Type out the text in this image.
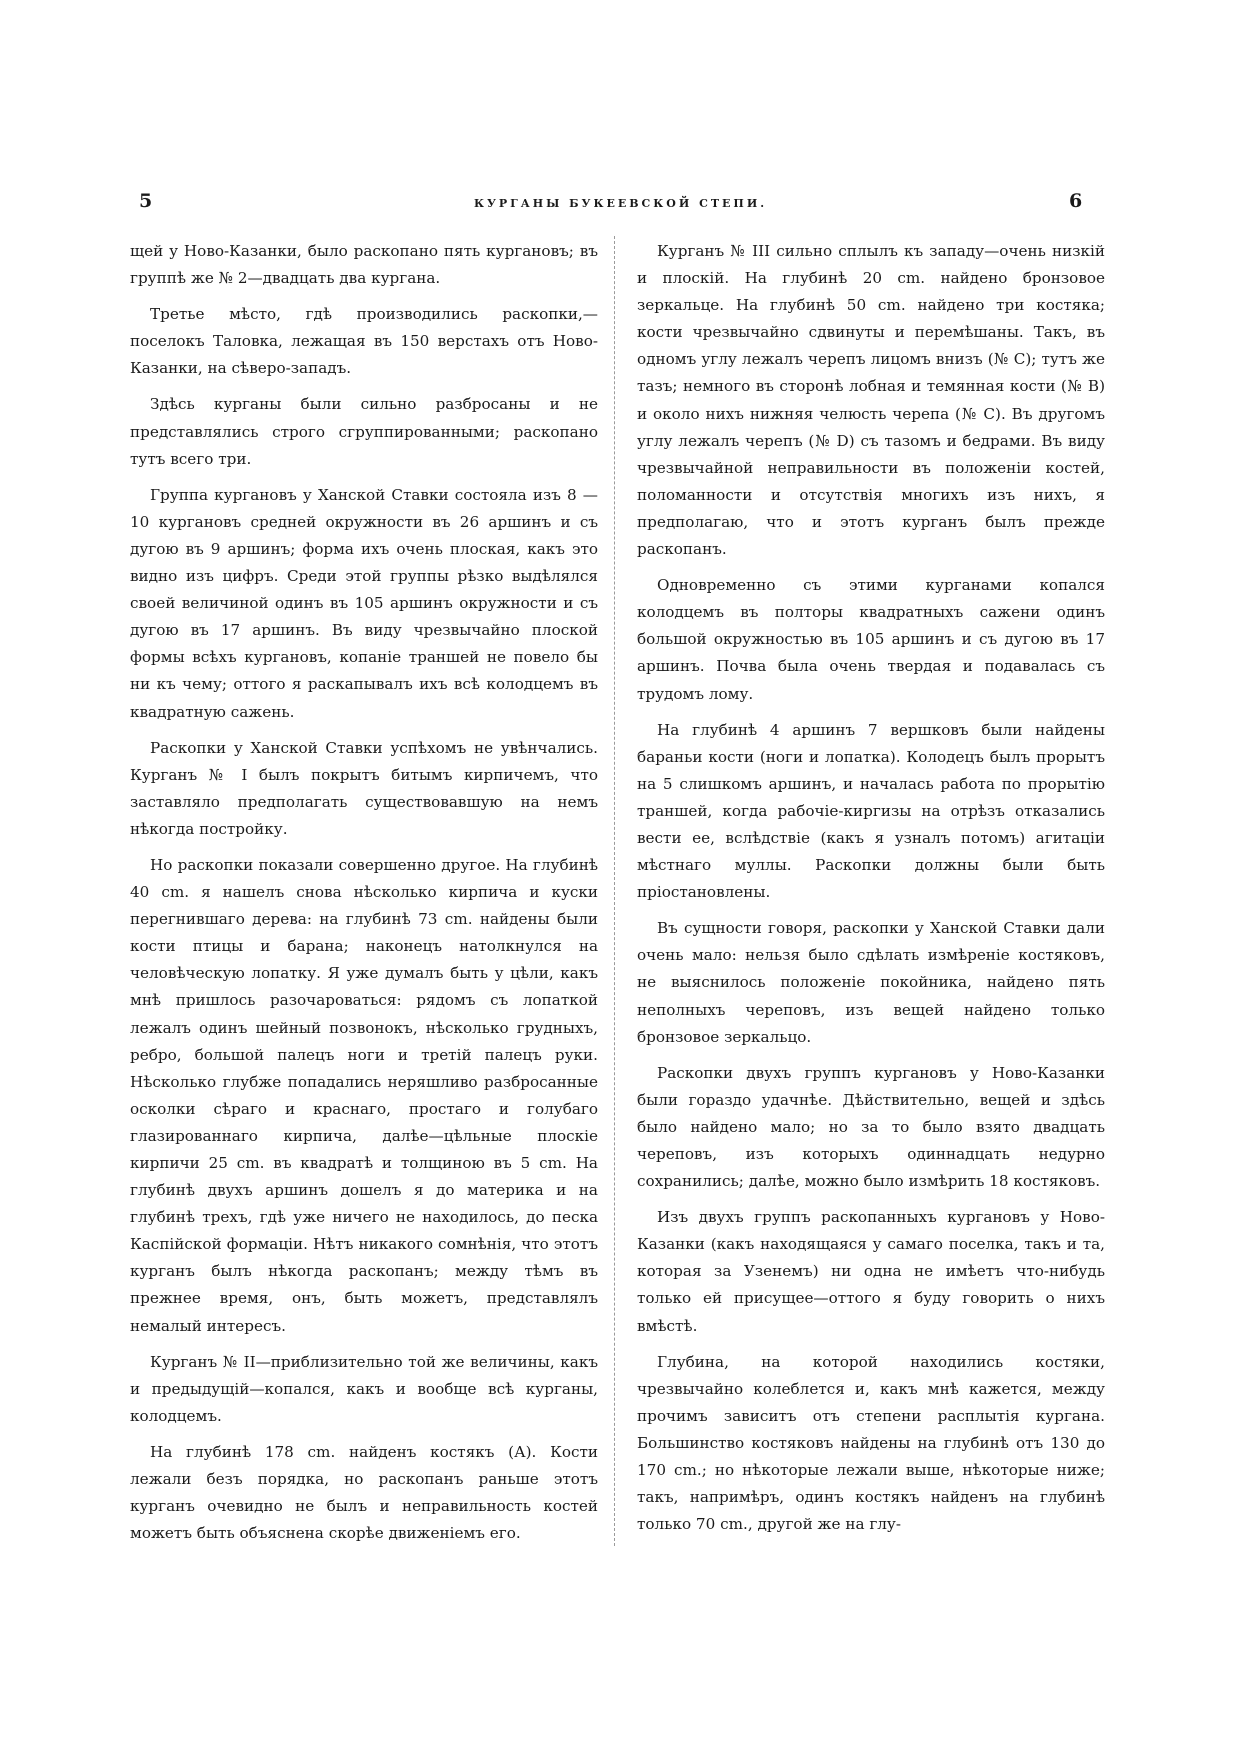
5	КУРГАНЫ БУКЕЕВСКОЙ СТЕПИ.	6

щей у Ново-Казанки, было раскопано пять кургановъ; въ группѣ же № 2—двадцать два кургана.

Третье мѣсто, гдѣ производились раскопки,— поселокъ Таловка, лежащая въ 150 верстахъ отъ Ново-Казанки, на сѣверо-западъ.

Здѣсь курганы были сильно разбросаны и не представлялись строго сгруппированными; раскопано тутъ всего три.

Группа кургановъ у Ханской Ставки состояла изъ 8 — 10 кургановъ средней окружности въ 26 аршинъ и съ дугою въ 9 аршинъ; форма ихъ очень плоская, какъ это видно изъ цифръ. Среди этой группы рѣзко выдѣлялся своей величиной одинъ въ 105 аршинъ окружности и съ дугою въ 17 аршинъ. Въ виду чрезвычайно плоской формы всѣхъ кургановъ, копаніе траншей не повело бы ни къ чему; оттого я раскапывалъ ихъ всѣ колодцемъ въ квадратную сажень.

Раскопки у Ханской Ставки успѣхомъ не увѣнчались. Курганъ № I былъ покрытъ битымъ кирпичемъ, что заставляло предполагать существовавшую на немъ нѣкогда постройку.

Но раскопки показали совершенно другое. На глубинѣ 40 cm. я нашелъ снова нѣсколько кирпича и куски перегнившаго дерева: на глубинѣ 73 cm. найдены были кости птицы и барана; наконецъ натолкнулся на человѣческую лопатку. Я уже думалъ быть у цѣли, какъ мнѣ пришлось разочароваться: рядомъ съ лопаткой лежалъ одинъ шейный позвонокъ, нѣсколько грудныхъ, ребро, большой палецъ ноги и третій палецъ руки. Нѣсколько глубже попадались неряшливо разбросанные осколки сѣраго и краснаго, простаго и голубаго глазированнаго кирпича, далѣе—цѣльные плоскіе кирпичи 25 cm. въ квадратѣ и толщиною въ 5 cm. На глубинѣ двухъ аршинъ дошелъ я до материка и на глубинѣ трехъ, гдѣ уже ничего не находилось, до песка Каспійской формаціи. Нѣтъ никакого сомнѣнія, что этотъ курганъ былъ нѣкогда раскопанъ; между тѣмъ въ прежнее время, онъ, быть можетъ, представлялъ немалый интересъ.

Курганъ № II—приблизительно той же величины, какъ и предыдущій—копался, какъ и вообще всѣ курганы, колодцемъ.

На глубинѣ 178 cm. найденъ костякъ (А). Кости лежали безъ порядка, но раскопанъ раньше этотъ курганъ очевидно не былъ и неправильность костей можетъ быть объяснена скорѣе движеніемъ его.

Курганъ № III сильно сплылъ къ западу—очень низкій и плоскій. На глубинѣ 20 cm. найдено бронзовое зеркальце. На глубинѣ 50 cm. найдено три костяка; кости чрезвычайно сдвинуты и перемѣшаны. Такъ, въ одномъ углу лежалъ черепъ лицомъ внизъ (№ С); тутъ же тазъ; немного въ сторонѣ лобная и темянная кости (№ В) и около нихъ нижняя челюсть черепа (№ С). Въ другомъ углу лежалъ черепъ (№ D) съ тазомъ и бедрами. Въ виду чрезвычайной неправильности въ положеніи костей, поломанности и отсутствія многихъ изъ нихъ, я предполагаю, что и этотъ курганъ былъ прежде раскопанъ.

Одновременно съ этими курганами копался колодцемъ въ полторы квадратныхъ сажени одинъ большой окружностью въ 105 аршинъ и съ дугою въ 17 аршинъ. Почва была очень твердая и подавалась съ трудомъ лому.

На глубинѣ 4 аршинъ 7 вершковъ были найдены бараньи кости (ноги и лопатка). Колодецъ былъ прорытъ на 5 слишкомъ аршинъ, и началась работа по прорытію траншей, когда рабочіе-киргизы на отрѣзъ отказались вести ее, вслѣдствіе (какъ я узналъ потомъ) агитаціи мѣстнаго муллы. Раскопки должны были быть пріостановлены.

Въ сущности говоря, раскопки у Ханской Ставки дали очень мало: нельзя было сдѣлать измѣреніе костяковъ, не выяснилось положеніе покойника, найдено пять неполныхъ череповъ, изъ вещей найдено только бронзовое зеркальцо.

Раскопки двухъ группъ кургановъ у Ново-Казанки были гораздо удачнѣе. Дѣйствительно, вещей и здѣсь было найдено мало; но за то было взято двадцать череповъ, изъ которыхъ одиннадцать недурно сохранились; далѣе, можно было измѣрить 18 костяковъ.

Изъ двухъ группъ раскопанныхъ кургановъ у Ново-Казанки (какъ находящаяся у самаго поселка, такъ и та, которая за Узенемъ) ни одна не имѣетъ что-нибудь только ей присущее—оттого я буду говорить о нихъ вмѣстѣ.

Глубина, на которой находились костяки, чрезвычайно колеблется и, какъ мнѣ кажется, между прочимъ зависитъ отъ степени расплытія кургана. Большинство костяковъ найдены на глубинѣ отъ 130 до 170 cm.; но нѣкоторые лежали выше, нѣкоторые ниже; такъ, напримѣръ, одинъ костякъ найденъ на глубинѣ только 70 cm., другой же на глу-
